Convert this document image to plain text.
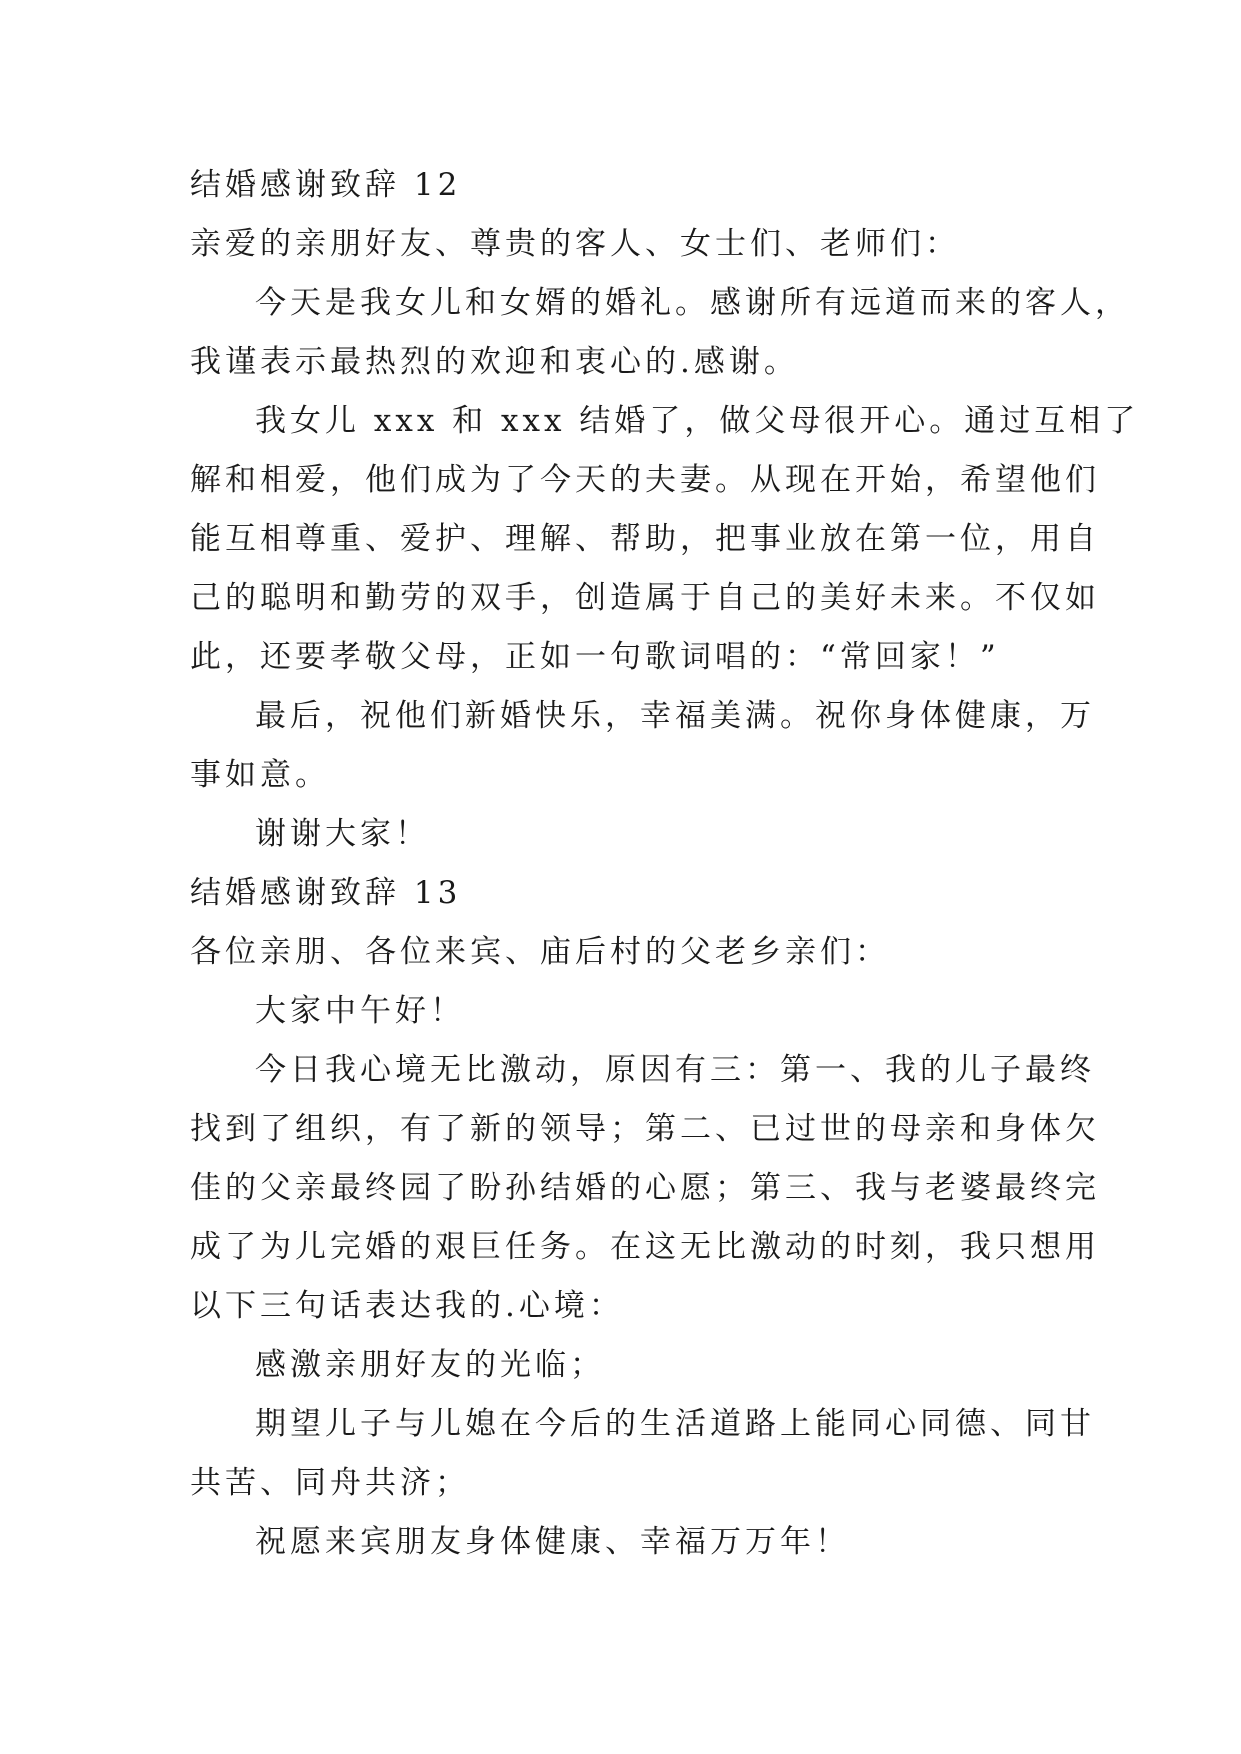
结婚感谢致辞 12
亲爱的亲朋好友、尊贵的客人、女士们、老师们：
今天是我女儿和女婿的婚礼。感谢所有远道而来的客人，
我谨表示最热烈的欢迎和衷心的.感谢。
我女儿 xxx 和 xxx 结婚了，做父母很开心。通过互相了
解和相爱，他们成为了今天的夫妻。从现在开始，希望他们
能互相尊重、爱护、理解、帮助，把事业放在第一位，用自
己的聪明和勤劳的双手，创造属于自己的美好未来。不仅如
此，还要孝敬父母，正如一句歌词唱的：“常回家！”
最后，祝他们新婚快乐，幸福美满。祝你身体健康，万
事如意。
谢谢大家！
结婚感谢致辞 13
各位亲朋、各位来宾、庙后村的父老乡亲们：
大家中午好！
今日我心境无比激动，原因有三：第一、我的儿子最终
找到了组织，有了新的领导；第二、已过世的母亲和身体欠
佳的父亲最终园了盼孙结婚的心愿；第三、我与老婆最终完
成了为儿完婚的艰巨任务。在这无比激动的时刻，我只想用
以下三句话表达我的.心境：
感激亲朋好友的光临；
期望儿子与儿媳在今后的生活道路上能同心同德、同甘
共苦、同舟共济；
祝愿来宾朋友身体健康、幸福万万年！
